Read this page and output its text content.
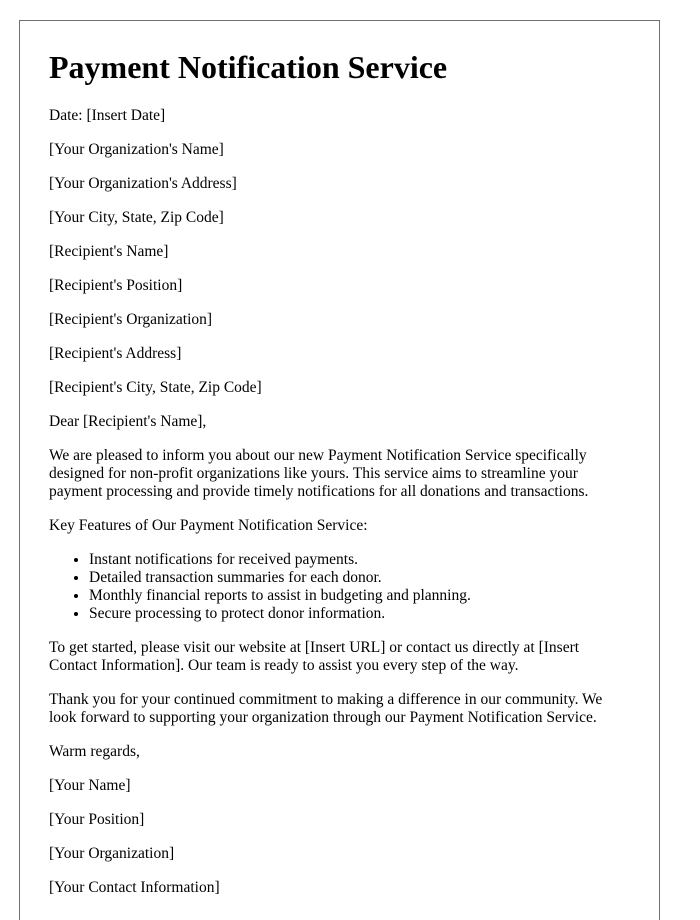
Payment Notification Service

Date: [Insert Date]

[Your Organization's Name]

[Your Organization's Address]

[Your City, State, Zip Code]

[Recipient's Name]

[Recipient's Position]

[Recipient's Organization]

[Recipient's Address]

[Recipient's City, State, Zip Code]

Dear [Recipient's Name],

We are pleased to inform you about our new Payment Notification Service specifically designed for non-profit organizations like yours. This service aims to streamline your payment processing and provide timely notifications for all donations and transactions.

Key Features of Our Payment Notification Service:

• Instant notifications for received payments.
• Detailed transaction summaries for each donor.
• Monthly financial reports to assist in budgeting and planning.
• Secure processing to protect donor information.

To get started, please visit our website at [Insert URL] or contact us directly at [Insert Contact Information]. Our team is ready to assist you every step of the way.

Thank you for your continued commitment to making a difference in our community. We look forward to supporting your organization through our Payment Notification Service.

Warm regards,

[Your Name]

[Your Position]

[Your Organization]

[Your Contact Information]
